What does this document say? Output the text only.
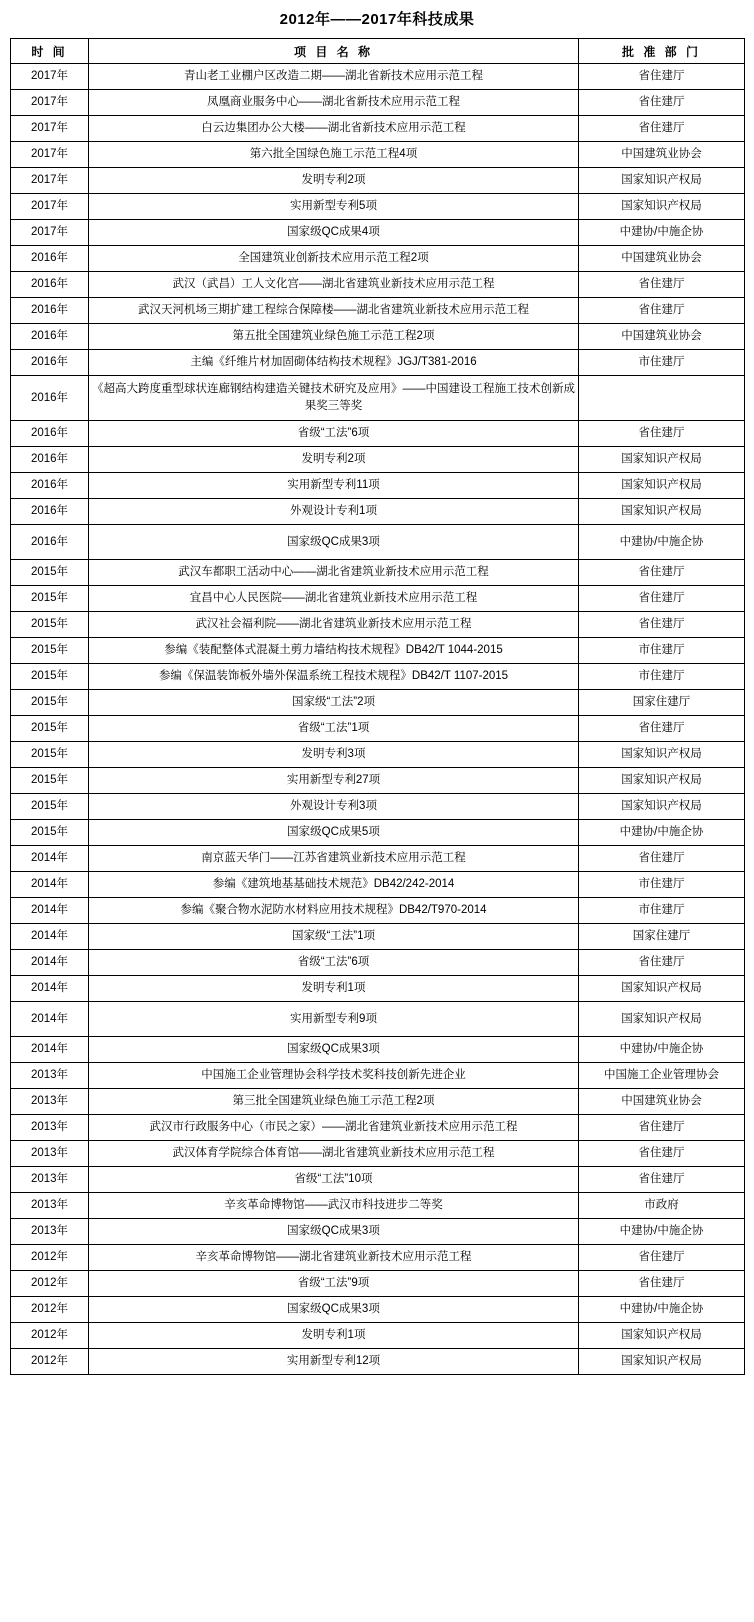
2012年——2017年科技成果
时 间	项 目 名 称	批 准 部 门
2017年	青山老工业棚户区改造二期——湖北省新技术应用示范工程	省住建厅
2017年	凤凰商业服务中心——湖北省新技术应用示范工程	省住建厅
2017年	白云边集团办公大楼——湖北省新技术应用示范工程	省住建厅
2017年	第六批全国绿色施工示范工程4项	中国建筑业协会
2017年	发明专利2项	国家知识产权局
2017年	实用新型专利5项	国家知识产权局
2017年	国家级QC成果4项	中建协/中施企协
2016年	全国建筑业创新技术应用示范工程2项	中国建筑业协会
2016年	武汉（武昌）工人文化宫——湖北省建筑业新技术应用示范工程	省住建厅
2016年	武汉天河机场三期扩建工程综合保障楼——湖北省建筑业新技术应用示范工程	省住建厅
2016年	第五批全国建筑业绿色施工示范工程2项	中国建筑业协会
2016年	主编《纤维片材加固砌体结构技术规程》JGJ/T381-2016	市住建厅
2016年	《超高大跨度重型球状连廊钢结构建造关键技术研究及应用》——中国建设工程施工技术创新成果奖三等奖	
2016年	省级“工法”6项	省住建厅
2016年	发明专利2项	国家知识产权局
2016年	实用新型专利11项	国家知识产权局
2016年	外观设计专利1项	国家知识产权局
2016年	国家级QC成果3项	中建协/中施企协
2015年	武汉车都职工活动中心——湖北省建筑业新技术应用示范工程	省住建厅
2015年	宜昌中心人民医院——湖北省建筑业新技术应用示范工程	省住建厅
2015年	武汉社会福利院——湖北省建筑业新技术应用示范工程	省住建厅
2015年	参编《装配整体式混凝土剪力墙结构技术规程》DB42/T 1044-2015	市住建厅
2015年	参编《保温装饰板外墙外保温系统工程技术规程》DB42/T 1107-2015	市住建厅
2015年	国家级“工法”2项	国家住建厅
2015年	省级“工法”1项	省住建厅
2015年	发明专利3项	国家知识产权局
2015年	实用新型专利27项	国家知识产权局
2015年	外观设计专利3项	国家知识产权局
2015年	国家级QC成果5项	中建协/中施企协
2014年	南京蓝天华门——江苏省建筑业新技术应用示范工程	省住建厅
2014年	参编《建筑地基基础技术规范》DB42/242-2014	市住建厅
2014年	参编《聚合物水泥防水材料应用技术规程》DB42/T970-2014	市住建厅
2014年	国家级“工法”1项	国家住建厅
2014年	省级“工法”6项	省住建厅
2014年	发明专利1项	国家知识产权局
2014年	实用新型专利9项	国家知识产权局
2014年	国家级QC成果3项	中建协/中施企协
2013年	中国施工企业管理协会科学技术奖科技创新先进企业	中国施工企业管理协会
2013年	第三批全国建筑业绿色施工示范工程2项	中国建筑业协会
2013年	武汉市行政服务中心（市民之家）——湖北省建筑业新技术应用示范工程	省住建厅
2013年	武汉体育学院综合体育馆——湖北省建筑业新技术应用示范工程	省住建厅
2013年	省级“工法”10项	省住建厅
2013年	辛亥革命博物馆——武汉市科技进步二等奖	市政府
2013年	国家级QC成果3项	中建协/中施企协
2012年	辛亥革命博物馆——湖北省建筑业新技术应用示范工程	省住建厅
2012年	省级“工法”9项	省住建厅
2012年	国家级QC成果3项	中建协/中施企协
2012年	发明专利1项	国家知识产权局
2012年	实用新型专利12项	国家知识产权局
